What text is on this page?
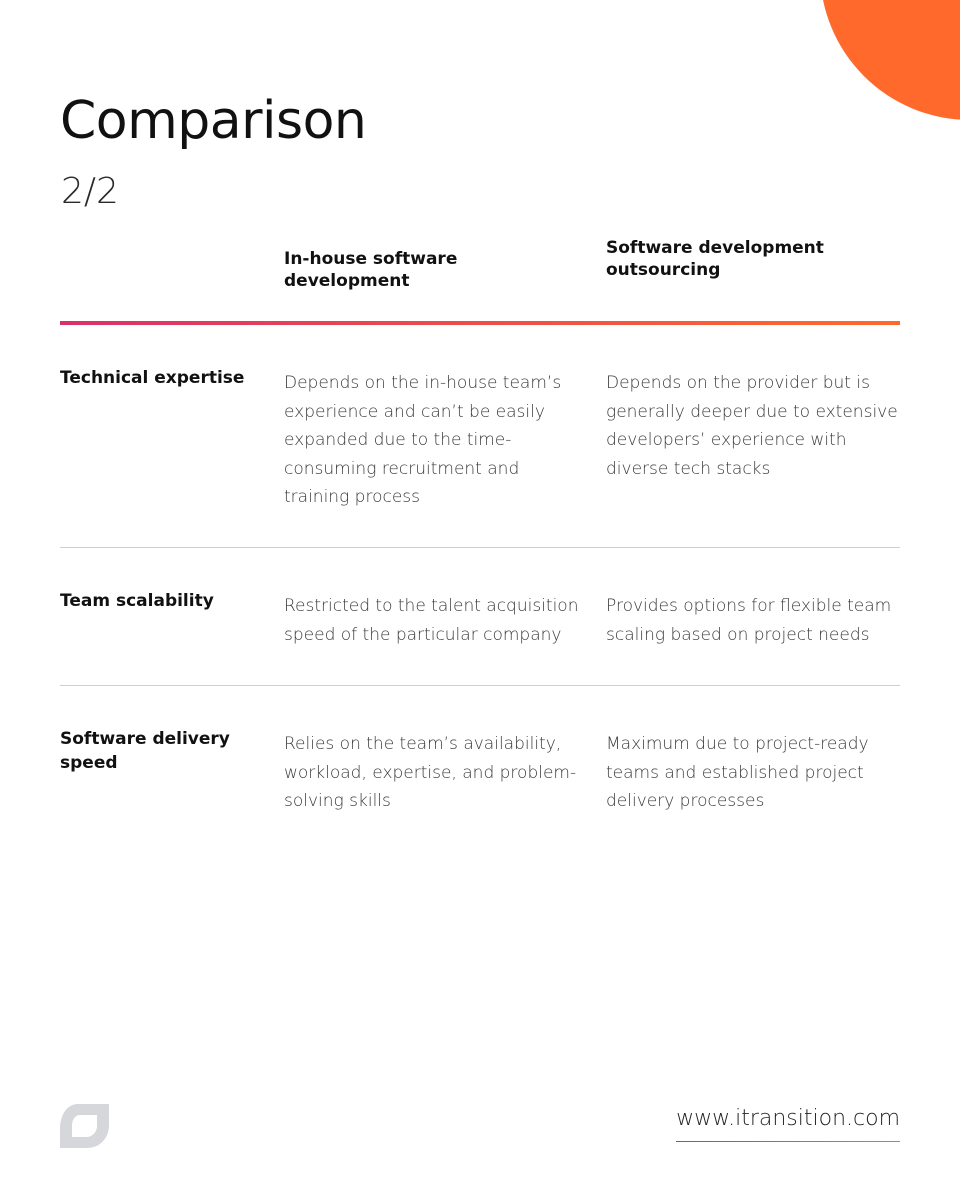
Comparison
2/2
In-house software development
Software development outsourcing
Technical expertise	Depends on the in-house team’s experience and can’t be easily expanded due to the time-consuming recruitment and training process
Depends on the provider but is generally deeper due to extensive developers’ experience with diverse tech stacks
Team scalability	Restricted to the talent acquisition speed of the particular company
Provides options for flexible team scaling based on project needs
Software delivery speed
Relies on the team’s availability, workload, expertise, and problem-solving skills
Maximum due to project-ready teams and established project delivery processes
www.itransition.com
